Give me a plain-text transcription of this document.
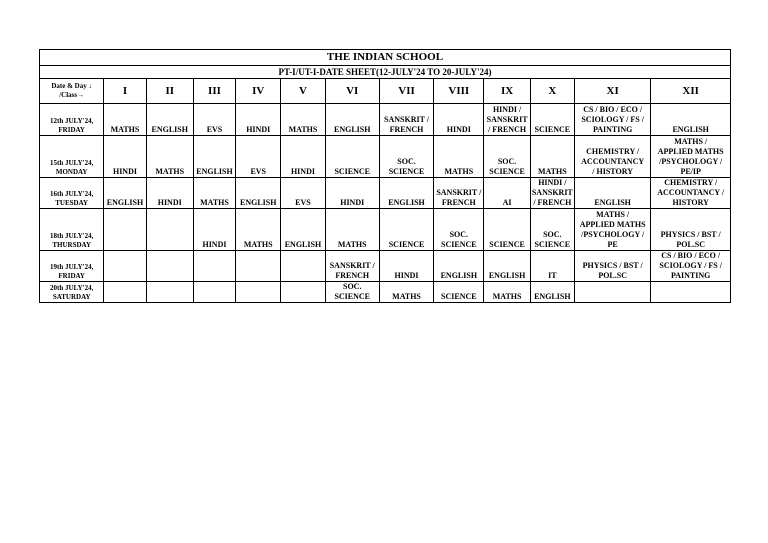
THE INDIAN SCHOOL												
PT-I/UT-I-DATE SHEET(12-JULY'24 TO 20-JULY'24)												
Date & Day ↓
/Class→	I	II	III	IV	V	VI	VII	VIII	IX	X	XI	XII
12th JULY'24,
FRIDAY	MATHS	ENGLISH	EVS	HINDI	MATHS	ENGLISH	SANSKRIT /
FRENCH	HINDI	HINDI /
SANSKRIT
/ FRENCH	SCIENCE	CS / BIO / ECO /
SCIOLOGY / FS /
PAINTING	ENGLISH
15th JULY'24,
MONDAY	HINDI	MATHS	ENGLISH	EVS	HINDI	SCIENCE	SOC.
SCIENCE	MATHS	SOC.
SCIENCE	MATHS	CHEMISTRY /
ACCOUNTANCY
/ HISTORY	MATHS /
APPLIED MATHS
/PSYCHOLOGY /
PE/IP
16th JULY'24,
TUESDAY	ENGLISH	HINDI	MATHS	ENGLISH	EVS	HINDI	ENGLISH	SANSKRIT /
FRENCH	AI	HINDI /
SANSKRIT
/ FRENCH	ENGLISH	CHEMISTRY /
ACCOUNTANCY /
HISTORY
18th JULY'24,
THURSDAY			HINDI	MATHS	ENGLISH	MATHS	SCIENCE	SOC.
SCIENCE	SCIENCE	SOC.
SCIENCE	MATHS /
APPLIED MATHS
/PSYCHOLOGY /
PE	PHYSICS / BST /
POL.SC
19th JULY'24,
FRIDAY						SANSKRIT /
FRENCH	HINDI	ENGLISH	ENGLISH	IT	PHYSICS / BST /
POL.SC	CS / BIO / ECO /
SCIOLOGY / FS /
PAINTING
20th JULY'24,
SATURDAY						SOC.
SCIENCE	MATHS	SCIENCE	MATHS	ENGLISH		
